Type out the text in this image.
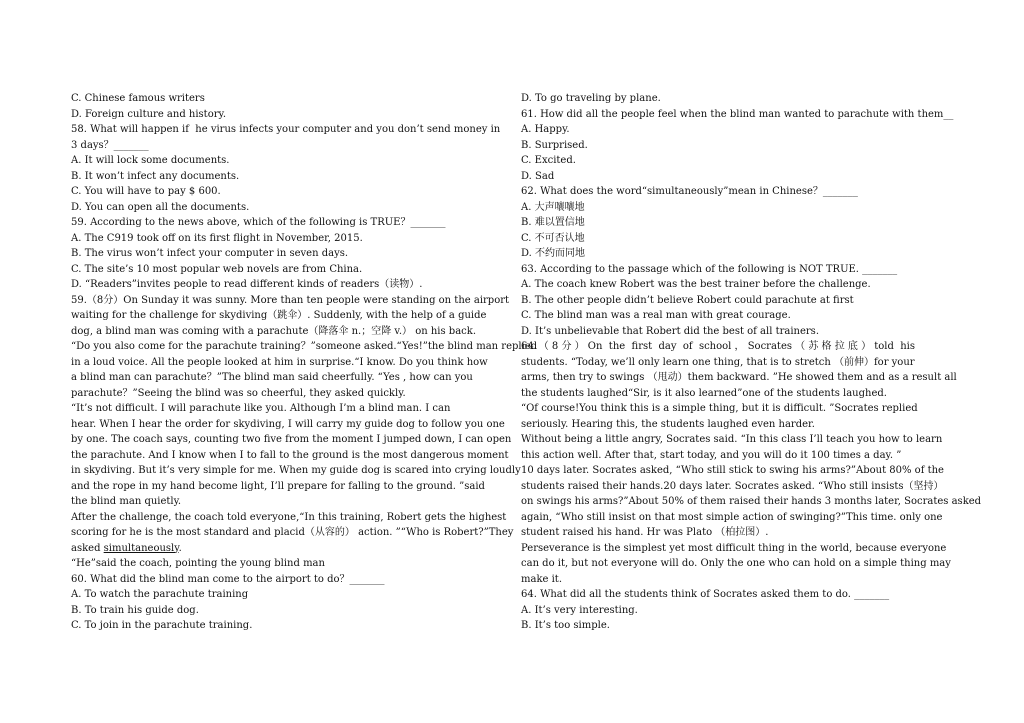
C. Chinese famous writers
D. Foreign culture and history.
58. What will happen if  he virus infects your computer and you don’t send money in
3 days？_______
A. It will lock some documents.
B. It won’t infect any documents.
C. You will have to pay $ 600.
D. You can open all the documents.
59. According to the news above, which of the following is TRUE？_______
A. The C919 took off on its first flight in November, 2015.
B. The virus won’t infect your computer in seven days.
C. The site’s 10 most popular web novels are from China.
D. “Readers”invites people to read different kinds of readers（读物）.
59.（8分）On Sunday it was sunny. More than ten people were standing on the airport
waiting for the challenge for skydiving（跳伞）. Suddenly, with the help of a guide
dog, a blind man was coming with a parachute（降落伞 n.；空降 v.） on his back.
“Do you also come for the parachute training？”someone asked.“Yes!”the blind man replied
in a loud voice. All the people looked at him in surprise.“I know. Do you think how
a blind man can parachute？”The blind man said cheerfully. “Yes , how can you
parachute？”Seeing the blind was so cheerful, they asked quickly.
“It’s not difficult. I will parachute like you. Although I’m a blind man. I can
hear. When I hear the order for skydiving, I will carry my guide dog to follow you one
by one. The coach says, counting two five from the moment I jumped down, I can open
the parachute. And I know when I to fall to the ground is the most dangerous moment
in skydiving. But it’s very simple for me. When my guide dog is scared into crying loudly
and the rope in my hand become light, I’ll prepare for falling to the ground. ”said
the blind man quietly.
After the challenge, the coach told everyone,“In this training, Robert gets the highest
scoring for he is the most standard and placid（从容的） action. ”“Who is Robert?”They
asked simultaneously.
“He”said the coach, pointing the young blind man
60. What did the blind man come to the airport to do？_______
A. To watch the parachute training
B. To train his guide dog.
C. To join in the parachute training.
D. To go traveling by plane.
61. How did all the people feel when the blind man wanted to parachute with them__
A. Happy.
B. Surprised.
C. Excited.
D. Sad
62. What does the word“simultaneously”mean in Chinese？_______
A. 大声嚷嚷地
B. 难以置信地
C. 不可否认地
D. 不约而同地
63. According to the passage which of the following is NOT TRUE. _______
A. The coach knew Robert was the best trainer before the challenge.
B. The other people didn’t believe Robert could parachute at first
C. The blind man was a real man with great courage.
D. It’s unbelievable that Robert did the best of all trainers.
64．（ 8 分 ） On  the  first  day  of  school ， Socrates （ 苏 格 拉 底 ） told  his
students. “Today, we’ll only learn one thing, that is to stretch （前伸）for your
arms, then try to swings （甩动）them backward. ”He showed them and as a result all
the students laughed“Sir, is it also learned”one of the students laughed.
“Of course!You think this is a simple thing, but it is difficult. ”Socrates replied
seriously. Hearing this, the students laughed even harder.
Without being a little angry, Socrates said. “In this class I’ll teach you how to learn
this action well. After that, start today, and you will do it 100 times a day. ”
10 days later. Socrates asked, “Who still stick to swing his arms?”About 80% of the
students raised their hands.20 days later. Socrates asked. “Who still insists（坚持）
on swings his arms?”About 50% of them raised their hands 3 months later, Socrates asked
again, “Who still insist on that most simple action of swinging?”This time. only one
student raised his hand. Hr was Plato （柏拉图）.
Perseverance is the simplest yet most difficult thing in the world, because everyone
can do it, but not everyone will do. Only the one who can hold on a simple thing may
make it.
64. What did all the students think of Socrates asked them to do. _______
A. It’s very interesting.
B. It’s too simple.
